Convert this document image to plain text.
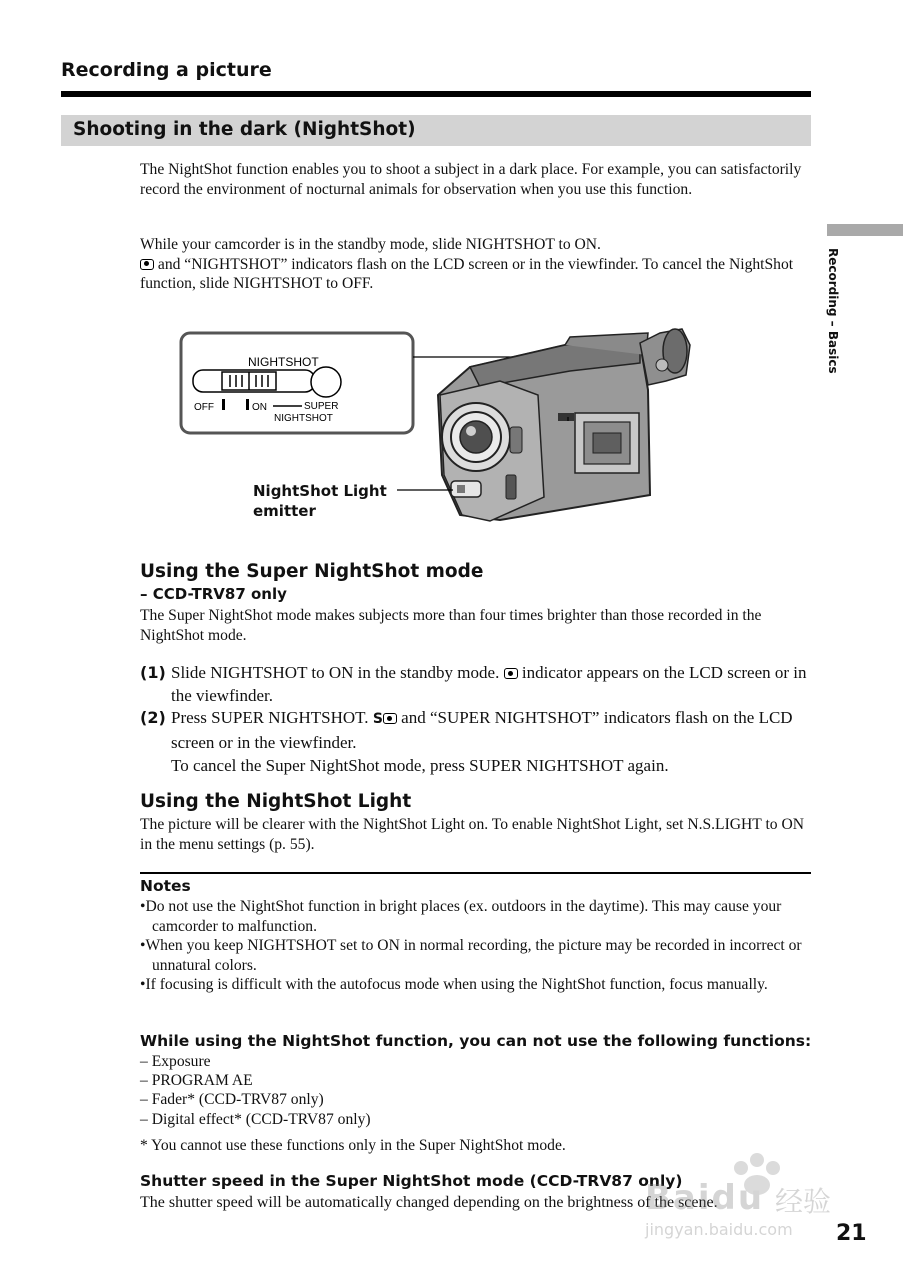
Recording a picture
Shooting in the dark (NightShot)
Recording – Basics
The NightShot function enables you to shoot a subject in a dark place. For example, you can satisfactorily record the environment of nocturnal animals for observation when you use this function.
While your camcorder is in the standby mode, slide NIGHTSHOT to ON.
and “NIGHTSHOT” indicators flash on the LCD screen or in the viewfinder. To cancel the NightShot function, slide NIGHTSHOT to OFF.
NIGHTSHOT
OFF	ON	SUPER
NIGHTSHOT
NightShot Light
emitter
Using the Super NightShot mode
– CCD-TRV87 only
The Super NightShot mode makes subjects more than four times brighter than those recorded in the NightShot mode.
(1) Slide NIGHTSHOT to ON in the standby mode.  indicator appears on the LCD screen or in the viewfinder.
(2) Press SUPER NIGHTSHOT. S and “SUPER NIGHTSHOT” indicators flash on the LCD screen or in the viewfinder.
To cancel the Super NightShot mode, press SUPER NIGHTSHOT again.
Using the NightShot Light
The picture will be clearer with the NightShot Light on. To enable NightShot Light, set N.S.LIGHT to ON in the menu settings (p. 55).
Notes
•Do not use the NightShot function in bright places (ex. outdoors in the daytime). This may cause your camcorder to malfunction.
•When you keep NIGHTSHOT set to ON in normal recording, the picture may be recorded in incorrect or unnatural colors.
•If focusing is difficult with the autofocus mode when using the NightShot function, focus manually.
While using the NightShot function, you can not use the following functions:
– Exposure
– PROGRAM AE
– Fader* (CCD-TRV87 only)
– Digital effect* (CCD-TRV87 only)
* You cannot use these functions only in the Super NightShot mode.
Shutter speed in the Super NightShot mode (CCD-TRV87 only)
The shutter speed will be automatically changed depending on the brightness of the scene.
Baidu 经验
jingyan.baidu.com 21
